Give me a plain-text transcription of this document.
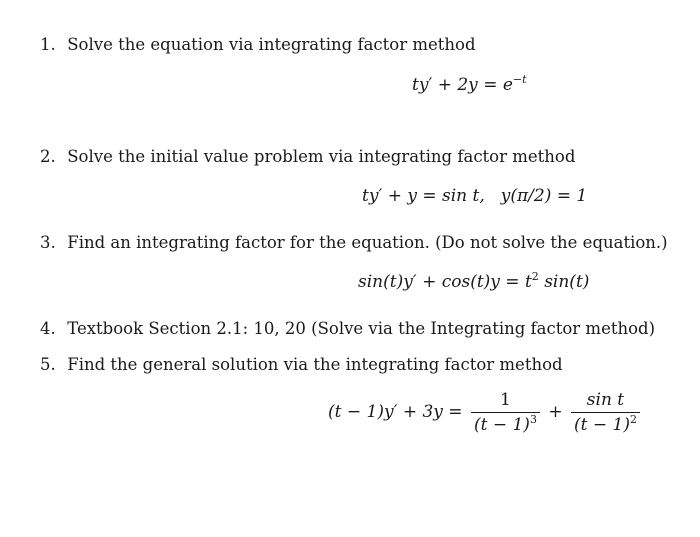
1. Solve the equation via integrating factor method
$ty' + 2y = e^{-t}$
2. Solve the initial value problem via integrating factor method
ty′ + y = sin t, y(π/2) = 1
3. Find an integrating factor for the equation. (Do not solve the equation.)
$\sin(t)y' + \cos(t)y = t^2$ sin(t)
4. Textbook Section 2.1: 10, 20 (Solve via the Integrating factor method)
5. Find the general solution via the integrating factor method
$(t - 1)y' + 3y = \frac{1}{(t - 1)^3} + \frac{\text{sin t}}{(t - 1)^2}$
